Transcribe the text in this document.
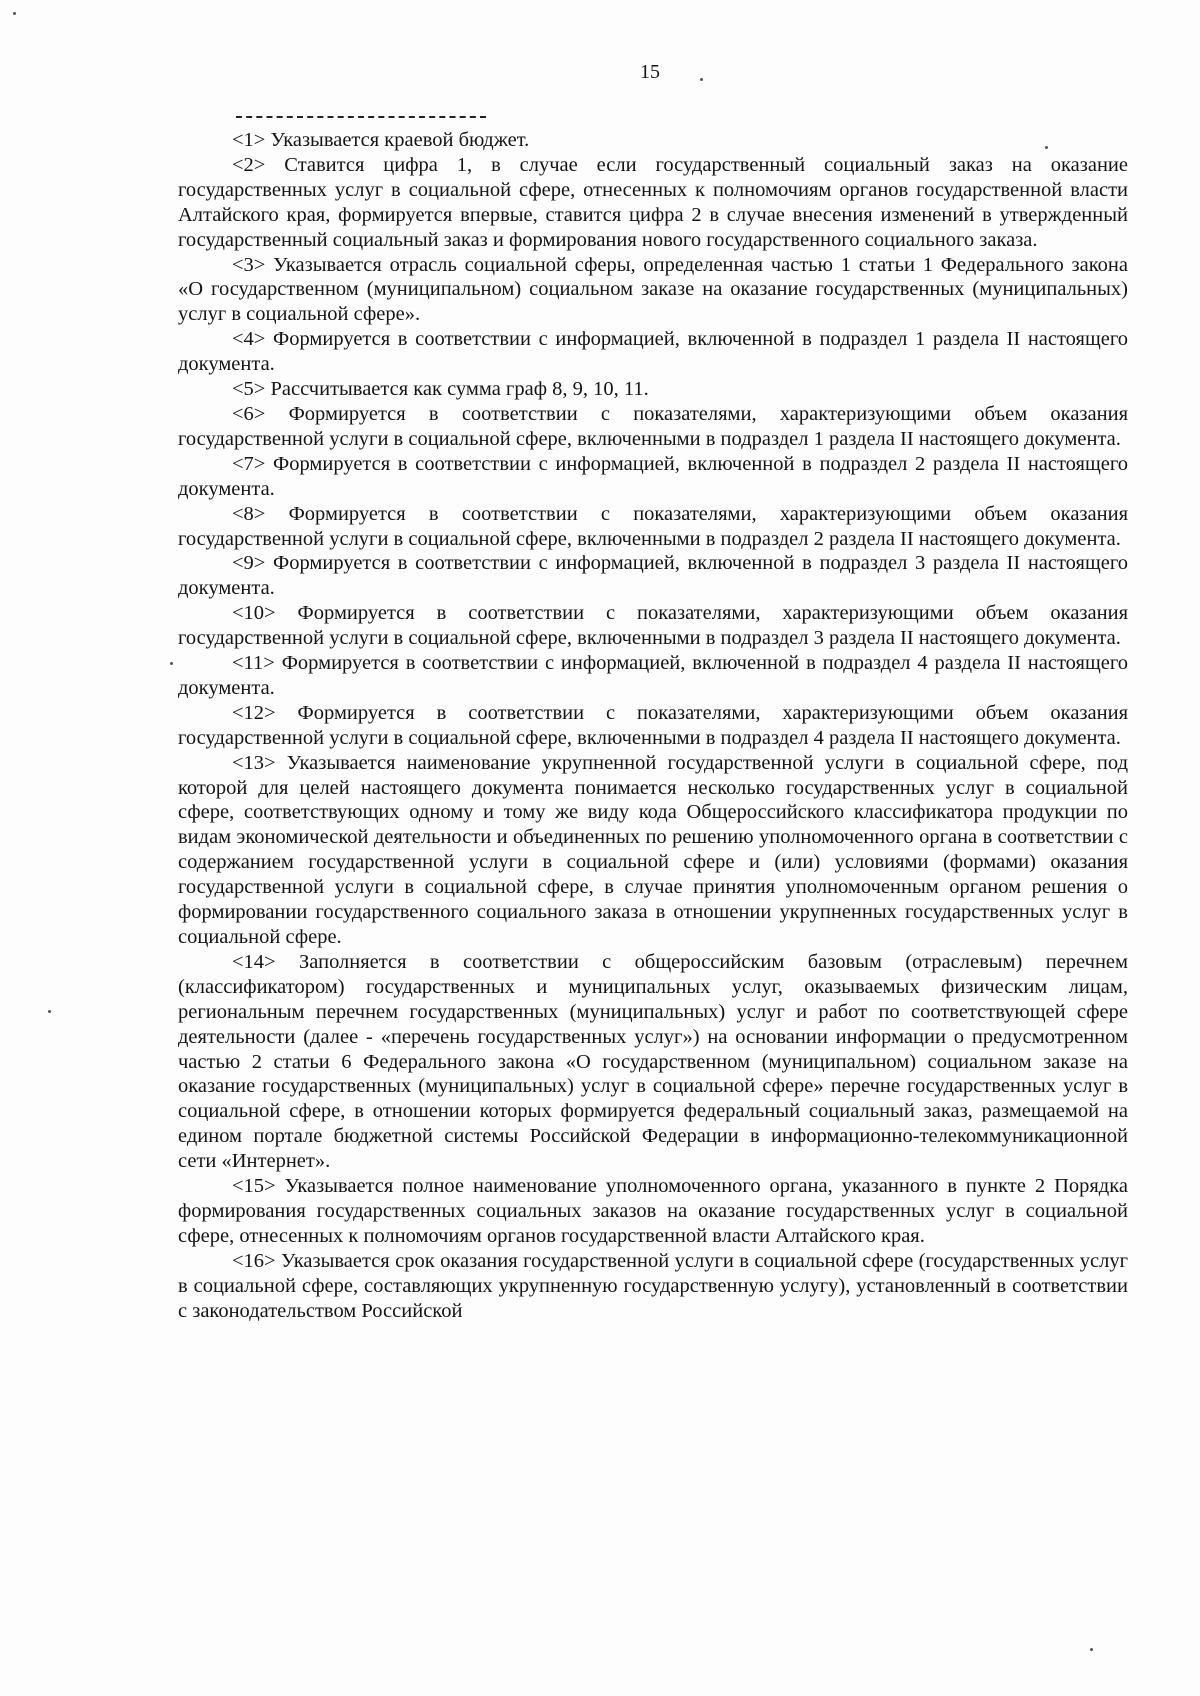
15

<1> Указывается краевой бюджет.

<2> Ставится цифра 1, в случае если государственный социальный заказ на оказание государственных услуг в социальной сфере, отнесенных к полномочиям органов государственной власти Алтайского края, формируется впервые, ставится цифра 2 в случае внесения изменений в утвержденный государственный социальный заказ и формирования нового государственного социального заказа.

<3> Указывается отрасль социальной сферы, определенная частью 1 статьи 1 Федерального закона «О государственном (муниципальном) социальном заказе на оказание государственных (муниципальных) услуг в социальной сфере».

<4> Формируется в соответствии с информацией, включенной в подраздел 1 раздела II настоящего документа.

<5> Рассчитывается как сумма граф 8, 9, 10, 11.

<6> Формируется в соответствии с показателями, характеризующими объем оказания государственной услуги в социальной сфере, включенными в подраздел 1 раздела II настоящего документа.

<7> Формируется в соответствии с информацией, включенной в подраздел 2 раздела II настоящего документа.

<8> Формируется в соответствии с показателями, характеризующими объем оказания государственной услуги в социальной сфере, включенными в подраздел 2 раздела II настоящего документа.

<9> Формируется в соответствии с информацией, включенной в подраздел 3 раздела II настоящего документа.

<10> Формируется в соответствии с показателями, характеризующими объем оказания государственной услуги в социальной сфере, включенными в подраздел 3 раздела II настоящего документа.

<11> Формируется в соответствии с информацией, включенной в подраздел 4 раздела II настоящего документа.

<12> Формируется в соответствии с показателями, характеризующими объем оказания государственной услуги в социальной сфере, включенными в подраздел 4 раздела II настоящего документа.

<13> Указывается наименование укрупненной государственной услуги в социальной сфере, под которой для целей настоящего документа понимается несколько государственных услуг в социальной сфере, соответствующих одному и тому же виду кода Общероссийского классификатора продукции по видам экономической деятельности и объединенных по решению уполномоченного органа в соответствии с содержанием государственной услуги в социальной сфере и (или) условиями (формами) оказания государственной услуги в социальной сфере, в случае принятия уполномоченным органом решения о формировании государственного социального заказа в отношении укрупненных государственных услуг в социальной сфере.

<14> Заполняется в соответствии с общероссийским базовым (отраслевым) перечнем (классификатором) государственных и муниципальных услуг, оказываемых физическим лицам, региональным перечнем государственных (муниципальных) услуг и работ по соответствующей сфере деятельности (далее - «перечень государственных услуг») на основании информации о предусмотренном частью 2 статьи 6 Федерального закона «О государственном (муниципальном) социальном заказе на оказание государственных (муниципальных) услуг в социальной сфере» перечне государственных услуг в социальной сфере, в отношении которых формируется федеральный социальный заказ, размещаемой на едином портале бюджетной системы Российской Федерации в информационно-телекоммуникационной сети «Интернет».

<15> Указывается полное наименование уполномоченного органа, указанного в пункте 2 Порядка формирования государственных социальных заказов на оказание государственных услуг в социальной сфере, отнесенных к полномочиям органов государственной власти Алтайского края.

<16> Указывается срок оказания государственной услуги в социальной сфере (государственных услуг в социальной сфере, составляющих укрупненную государственную услугу), установленный в соответствии с законодательством Российской
